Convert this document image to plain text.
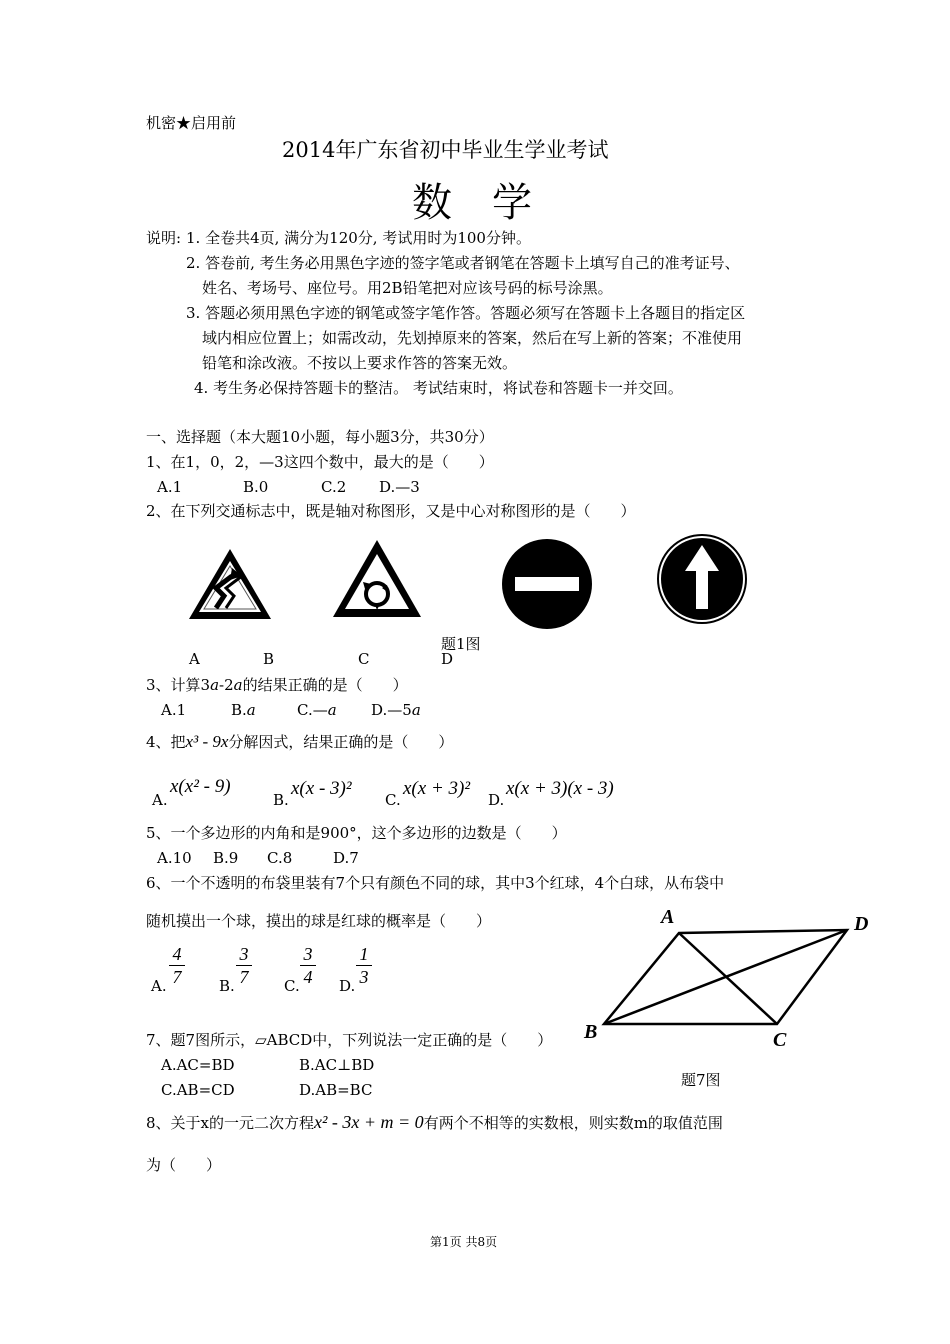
机密★启用前
2014年广东省初中毕业生学业考试
数学
说明: 1. 全卷共4页, 满分为120分, 考试用时为100分钟。
2. 答卷前, 考生务必用黑色字迹的签字笔或者钢笔在答题卡上填写自己的准考证号、
姓名、考场号、座位号。用2B铅笔把对应该号码的标号涂黑。
3. 答题必须用黑色字迹的钢笔或签字笔作答。答题必须写在答题卡上各题目的指定区
域内相应位置上；如需改动，先划掉原来的答案，然后在写上新的答案；不准使用
铅笔和涂改液。不按以上要求作答的答案无效。
4. 考生务必保持答题卡的整洁。 考试结束时，将试卷和答题卡一并交回。
一、选择题（本大题10小题，每小题3分，共30分）
1、在1，0，2，—3这四个数中，最大的是（　　）
A.1	B.0	C.2 D.—3
2、在下列交通标志中，既是轴对称图形，又是中心对称图形的是（　　）
题1图
A	B	C	D
3、计算3a-2a的结果正确的是（　　）
A.1	B.a	C.—a D.—5a
4、把x³ - 9x分解因式，结果正确的是（　　）
A.
x(x² - 9)
B.
x(x - 3)²
C.
x(x + 3)²
D.
x(x + 3)(x - 3)
5、一个多边形的内角和是900°，这个多边形的边数是（　　）
A.10 B.9 C.8	D.7
6、一个不透明的布袋里装有7个只有颜色不同的球，其中3个红球，4个白球，从布袋中
随机摸出一个球，摸出的球是红球的概率是（　　）
A. $\frac{4}{7} B$. $\frac{3}{7} C$. $\frac{3}{4} D$. $\frac{1}{3}$
A	D
B	C
题7图
7、题7图所示，▱ABCD中，下列说法一定正确的是（　　）
A.AC=BD	B.AC⊥BD
C.AB=CD	D.AB=BC
8、关于x的一元二次方程x² - 3x + m = 0有两个不相等的实数根，则实数m的取值范围
为（　　）
第1页 共8页
